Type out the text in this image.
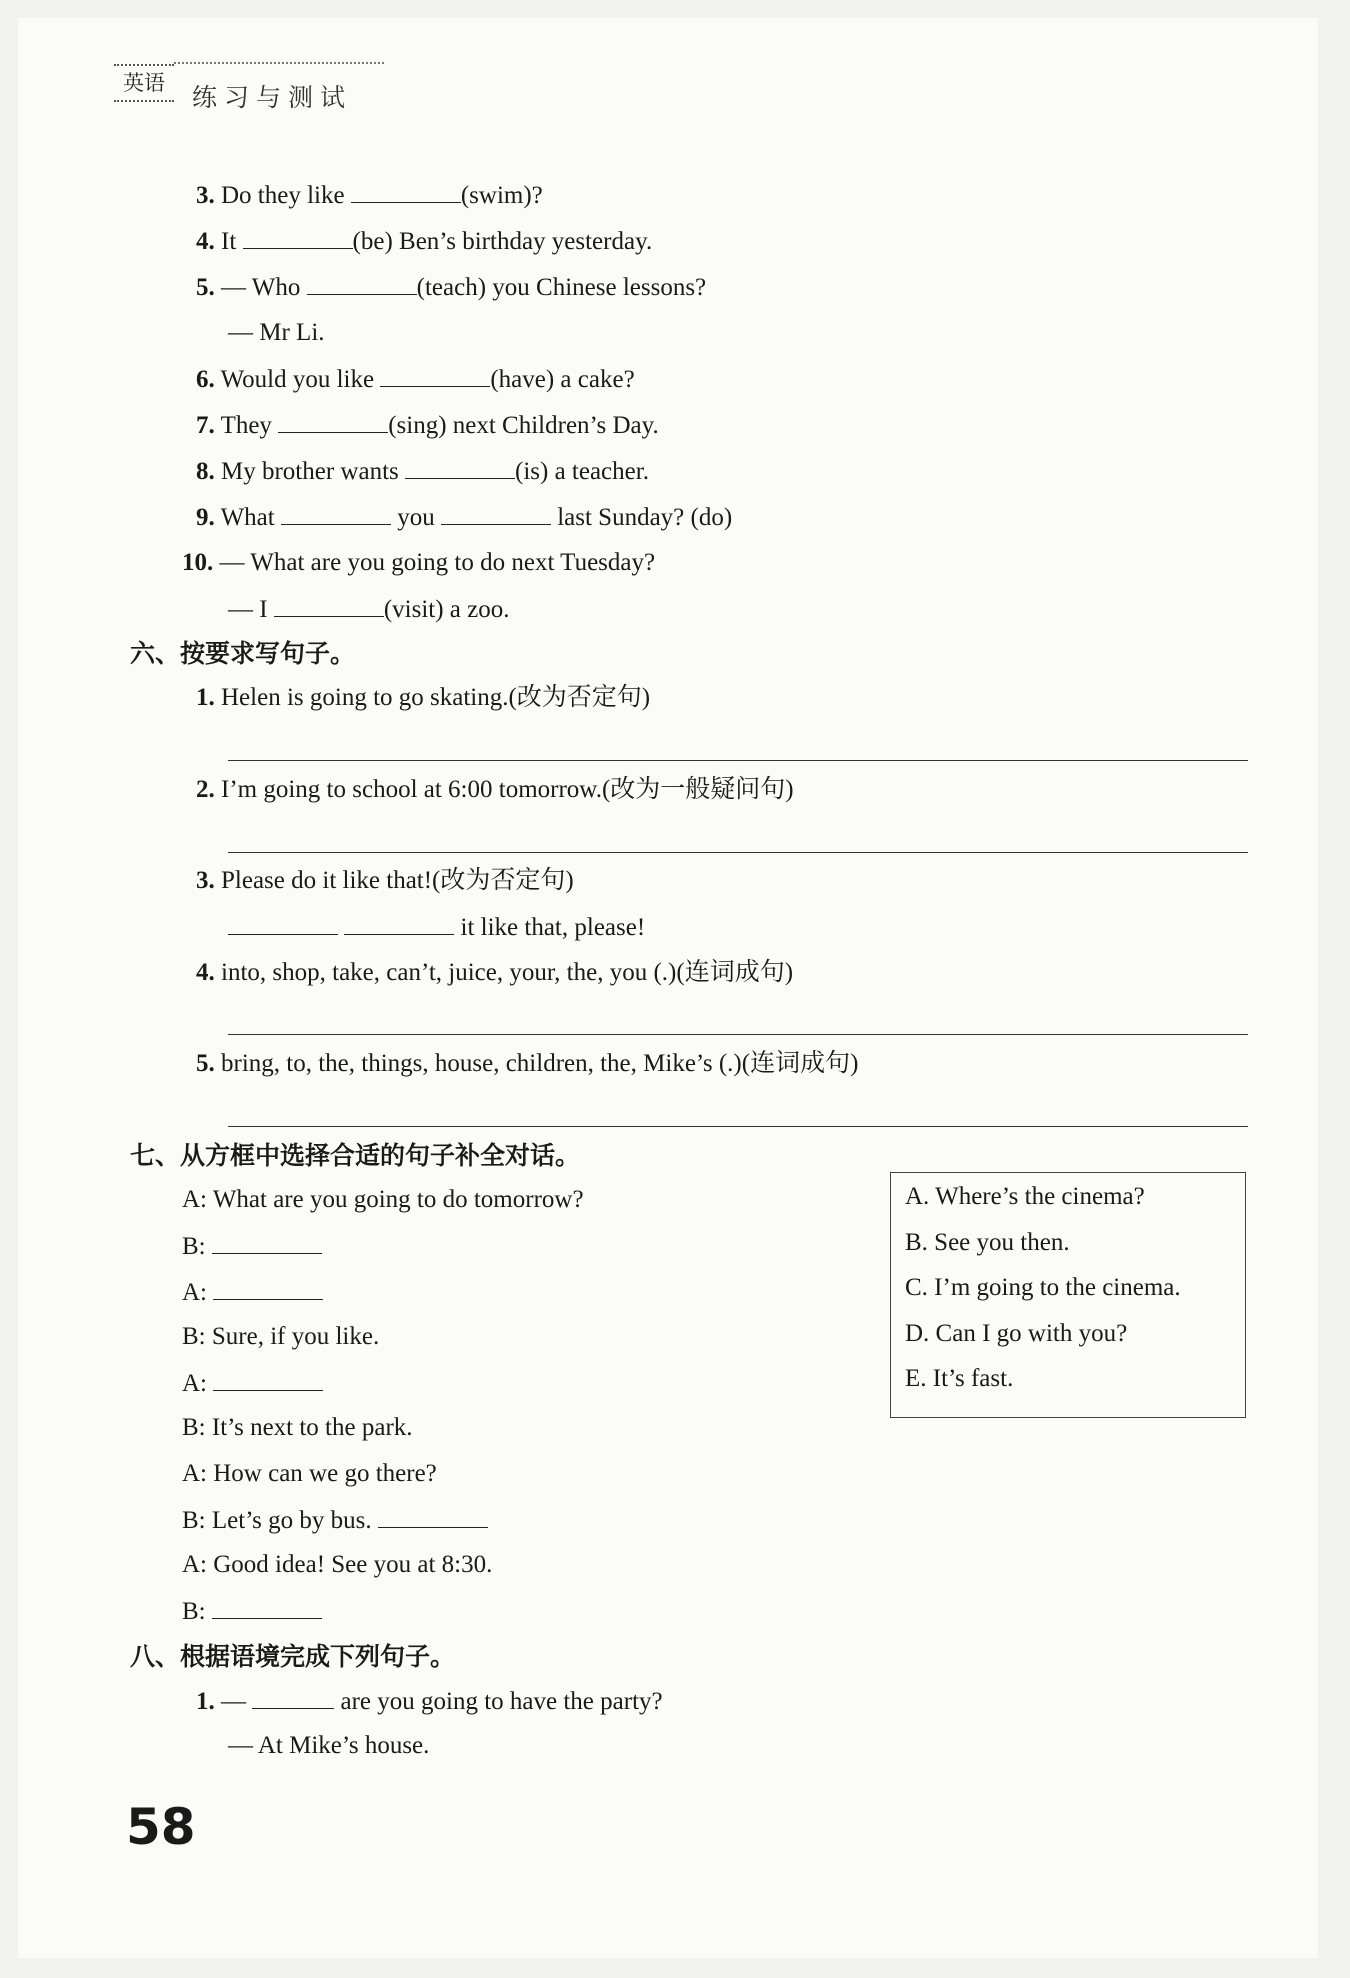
英语	练习与测试
3. Do they like	(swim)?
4. It	(be) Ben’s birthday yesterday.
5. — Who	(teach) you Chinese lessons?
— Mr Li.
6. Would you like	(have) a cake?
7. They	(sing) next Children’s Day.
8. My brother wants	(is) a teacher.
9. What	you	last Sunday? (do)
10. — What are you going to do next Tuesday?
— I	(visit) a zoo.
六、按要求写句子。
1. Helen is going to go skating.(改为否定句)
2. I’m going to school at 6:00 tomorrow.(改为一般疑问句)
3. Please do it like that!(改为否定句)
it like that, please!
4. into, shop, take, can’t, juice, your, the, you (.)(连词成句)
5. bring, to, the, things, house, children, the, Mike’s (.)(连词成句)
七、从方框中选择合适的句子补全对话。
A: What are you going to do tomorrow?
B:
A:
B: Sure, if you like.
A:
B: It’s next to the park.
A: How can we go there?
B: Let’s go by bus.
A: Good idea! See you at 8:30.
B:
A. Where’s the cinema?
B. See you then.
C. I’m going to the cinema.
D. Can I go with you?
E. It’s fast.
八、根据语境完成下列句子。
1. —	are you going to have the party?
— At Mike’s house.
58
